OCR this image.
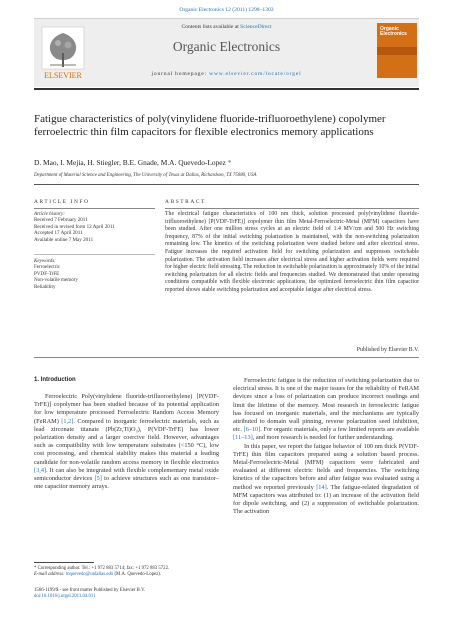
Organic Electronics 12 (2011) 1298–1303
ELSEVIER
Contents lists available at ScienceDirect
Organic Electronics
journal homepage: www.elsevier.com/locate/orgel
Organic
Electronics
Fatigue characteristics of poly(vinylidene fluoride-trifluoroethylene) copolymer ferroelectric thin film capacitors for flexible electronics memory applications
D. Mao, I. Mejia, H. Stiegler, B.E. Gnade, M.A. Quevedo-Lopez *
Department of Material Science and Engineering, The University of Texas at Dallas, Richardson, TX 75080, USA
ARTICLE INFO	ABSTRACT
Article history:
Received 7 February 2011
Received in revised form 12 April 2011
Accepted 17 April 2011
Available online 7 May 2011
Keywords:
Ferroelectric
PVDF-TrFE
Non-volatile memory
Reliability
The electrical fatigue characteristics of 100 nm thick, solution processed poly(vinylidene fluoride-trifluoroethylene) [P(VDF-TrFE)] copolymer thin film Metal-Ferroelectric-Metal (MFM) capacitors have been studied. After one million stress cycles at an electric field of 1.4 MV/cm and 500 Hz switching frequency, 87% of the initial switching polarization is maintained, with the non-switching polarization remaining low. The kinetics of the switching polarization were studied before and after electrical stress. Fatigue increases the required activation field for switching polarization and suppresses switchable polarization. The activation field increases after electrical stress and higher activation fields were required for higher electric field stressing. The reduction in switchable polarization is approximately 10% of the initial switching polarization for all electric fields and frequencies studied. We demonstrated that under operating conditions compatible with flexible electronic applications, the optimized ferroelectric thin film capacitor reported shows stable switching polarization and acceptable fatigue after electrical stress.
Published by Elsevier B.V.
1. Introduction

Ferroelectric Poly(vinylidene fluoride-trifluoroethylene) [P(VDF-TrFE)] copolymer has been studied because of its potential application for low temperature processed Ferroelectric Random Access Memory (FeRAM) [1,2]. Compared to inorganic ferroelectric materials, such as lead zirconate titanate (Pb(Zr,Ti)O₃), P(VDF-TrFE) has lower polarization density and a larger coercive field. However, advantages such as compatibility with low temperature substrates (<150 °C), low cost processing, and chemical stability makes this material a leading candidate for non-volatile random access memory in flexible electronics [3,4]. It can also be integrated with flexible complementary metal oxide semiconductor devices [5] to achieve structures such as one transistor–one capacitor memory arrays.

Ferroelectric fatigue is the reduction of switching polarization due to electrical stress. It is one of the major issues for the reliability of FeRAM devices since a loss of polarization can produce incorrect readings and limit the lifetime of the memory. Most research in ferroelectric fatigue has focused on inorganic materials, and the mechanisms are typically attributed to domain wall pinning, reverse polarization seed inhibition, etc. [6–10]. For organic materials, only a few limited reports are available [11–13], and more research is needed for further understanding.

In this paper, we report the fatigue behavior of 100 nm thick P(VDF-TrFE) thin film capacitors prepared using a solution based process. Metal-Ferroelectric-Metal (MFM) capacitors were fabricated and evaluated at different electric fields and frequencies. The switching kinetics of the capacitors before and after fatigue was evaluated using a method we reported previously [14]. The fatigue-related degradation of MFM capacitors was attributed to: (1) an increase of the activation field for dipole switching, and (2) a suppression of switchable polarization. The activation

* Corresponding author. Tel.: +1 972 883 5714; fax: +1 972 883 5722.
E-mail address: mquevedo@utdallas.edu (M.A. Quevedo-Lopez).
1566-1199/$ - see front matter Published by Elsevier B.V.
doi:10.1016/j.orgel.2011.04.011
